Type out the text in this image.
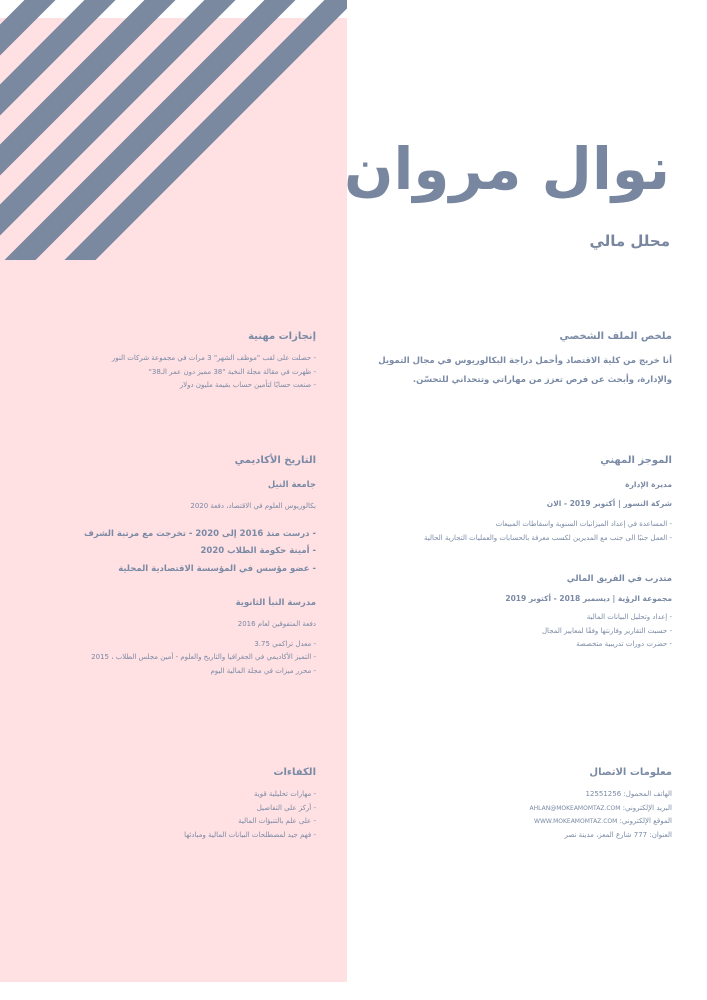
نوال مروان
محلل مالي

ملخص الملف الشخصي

أنا خريج من كلية الاقتصاد وأحمل دراجة البكالوريوس في مجال التمويل

والإدارة، وأبحث عن فرص تعزز من مهاراتي وتتحداني للتحسّن.

الموجز المهني

مديرة الإدارة

شركة النسور | أكتوبر 2019 - الان

- المساعدة في إعداد الميزانيات السنوية واسقاطات المبيعات

- العمل جنبًا الى جنب مع المديرين لكسب معرفة بالحسابات والعمليات التجارية الحالية

متدرب في الفريق المالي

مجموعة الرؤية | ديسمبر 2018 - أكتوبر 2019

- إعداد وتحليل البيانات المالية

- حسبت التقارير وفارنتها وفقًا لمعايير المجال

- حضرت دورات تدريبية متخصصة

معلومات الاتصال

الهاتف المحمول: 12551256

البريد الإلكتروني: AHLAN@MOKEAMOMTAZ.COM

الموقع الإلكتروني: WWW.MOKEAMOMTAZ.COM

العنوان: 777 شارع المعز، مدينة نصر

إنجازات مهنية

- حصلت على لقب "موظف الشهر" 3 مرات في مجموعة شركات النور

- ظهرت في مقالة مجلة النخبة "38 مميز دون عمر الـ38"

- صنعت حسابًا لتأمين حساب بقيمة مليون دولار

التاريخ الأكاديمي

جامعة النيل

بكالوريوس العلوم في الاقتصاد، دفعة 2020

- درست منذ 2016 إلى 2020 - تخرجت مع مرتبة الشرف

- أمينة حكومة الطلاب 2020

- عضو مؤسس في المؤسسة الاقتصادية المحلية

مدرسة النبأ الثانوية

دفعة المتفوقين لعام 2016

- معدل تراكمي 3.75

- التميز الأكاديمي في الجغرافيا والتاريخ والعلوم - أمين مجلس الطلاب ، 2015

- محرر ميزات في مجلة المالية اليوم

الكفاءات

- مهارات تحليلية قوية

- أركز على التفاصيل

- على علم بالتنبؤات المالية

- فهم جيد لمصطلحات البيانات المالية ومبادئها
